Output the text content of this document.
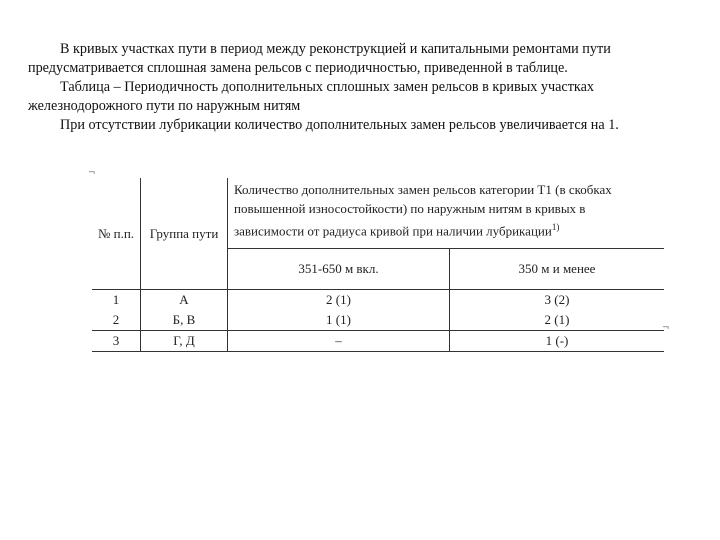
В кривых участках пути в период между реконструкцией и капитальными ремонтами пути предусматривается сплошная замена рельсов с периодичностью, приведенной в таблице.

Таблица – Периодичность дополнительных сплошных замен рельсов в кривых участках железнодорожного пути по наружным нитям

При отсутствии лубрикации количество дополнительных замен рельсов увеличивается на 1.

¬
№ п.п.	Группа пути	Количество дополнительных замен рельсов категории Т1 (в скобках повышенной износостойкости) по наружным нитям в кривых в зависимости от радиуса кривой при наличии лубрикации$^{1)}$
		351-650 м вкл.	350 м и менее
1	А	2 (1)	3 (2)
2	Б, В	1 (1)	2 (1)
3	Г, Д	–	1 (-)
¬
